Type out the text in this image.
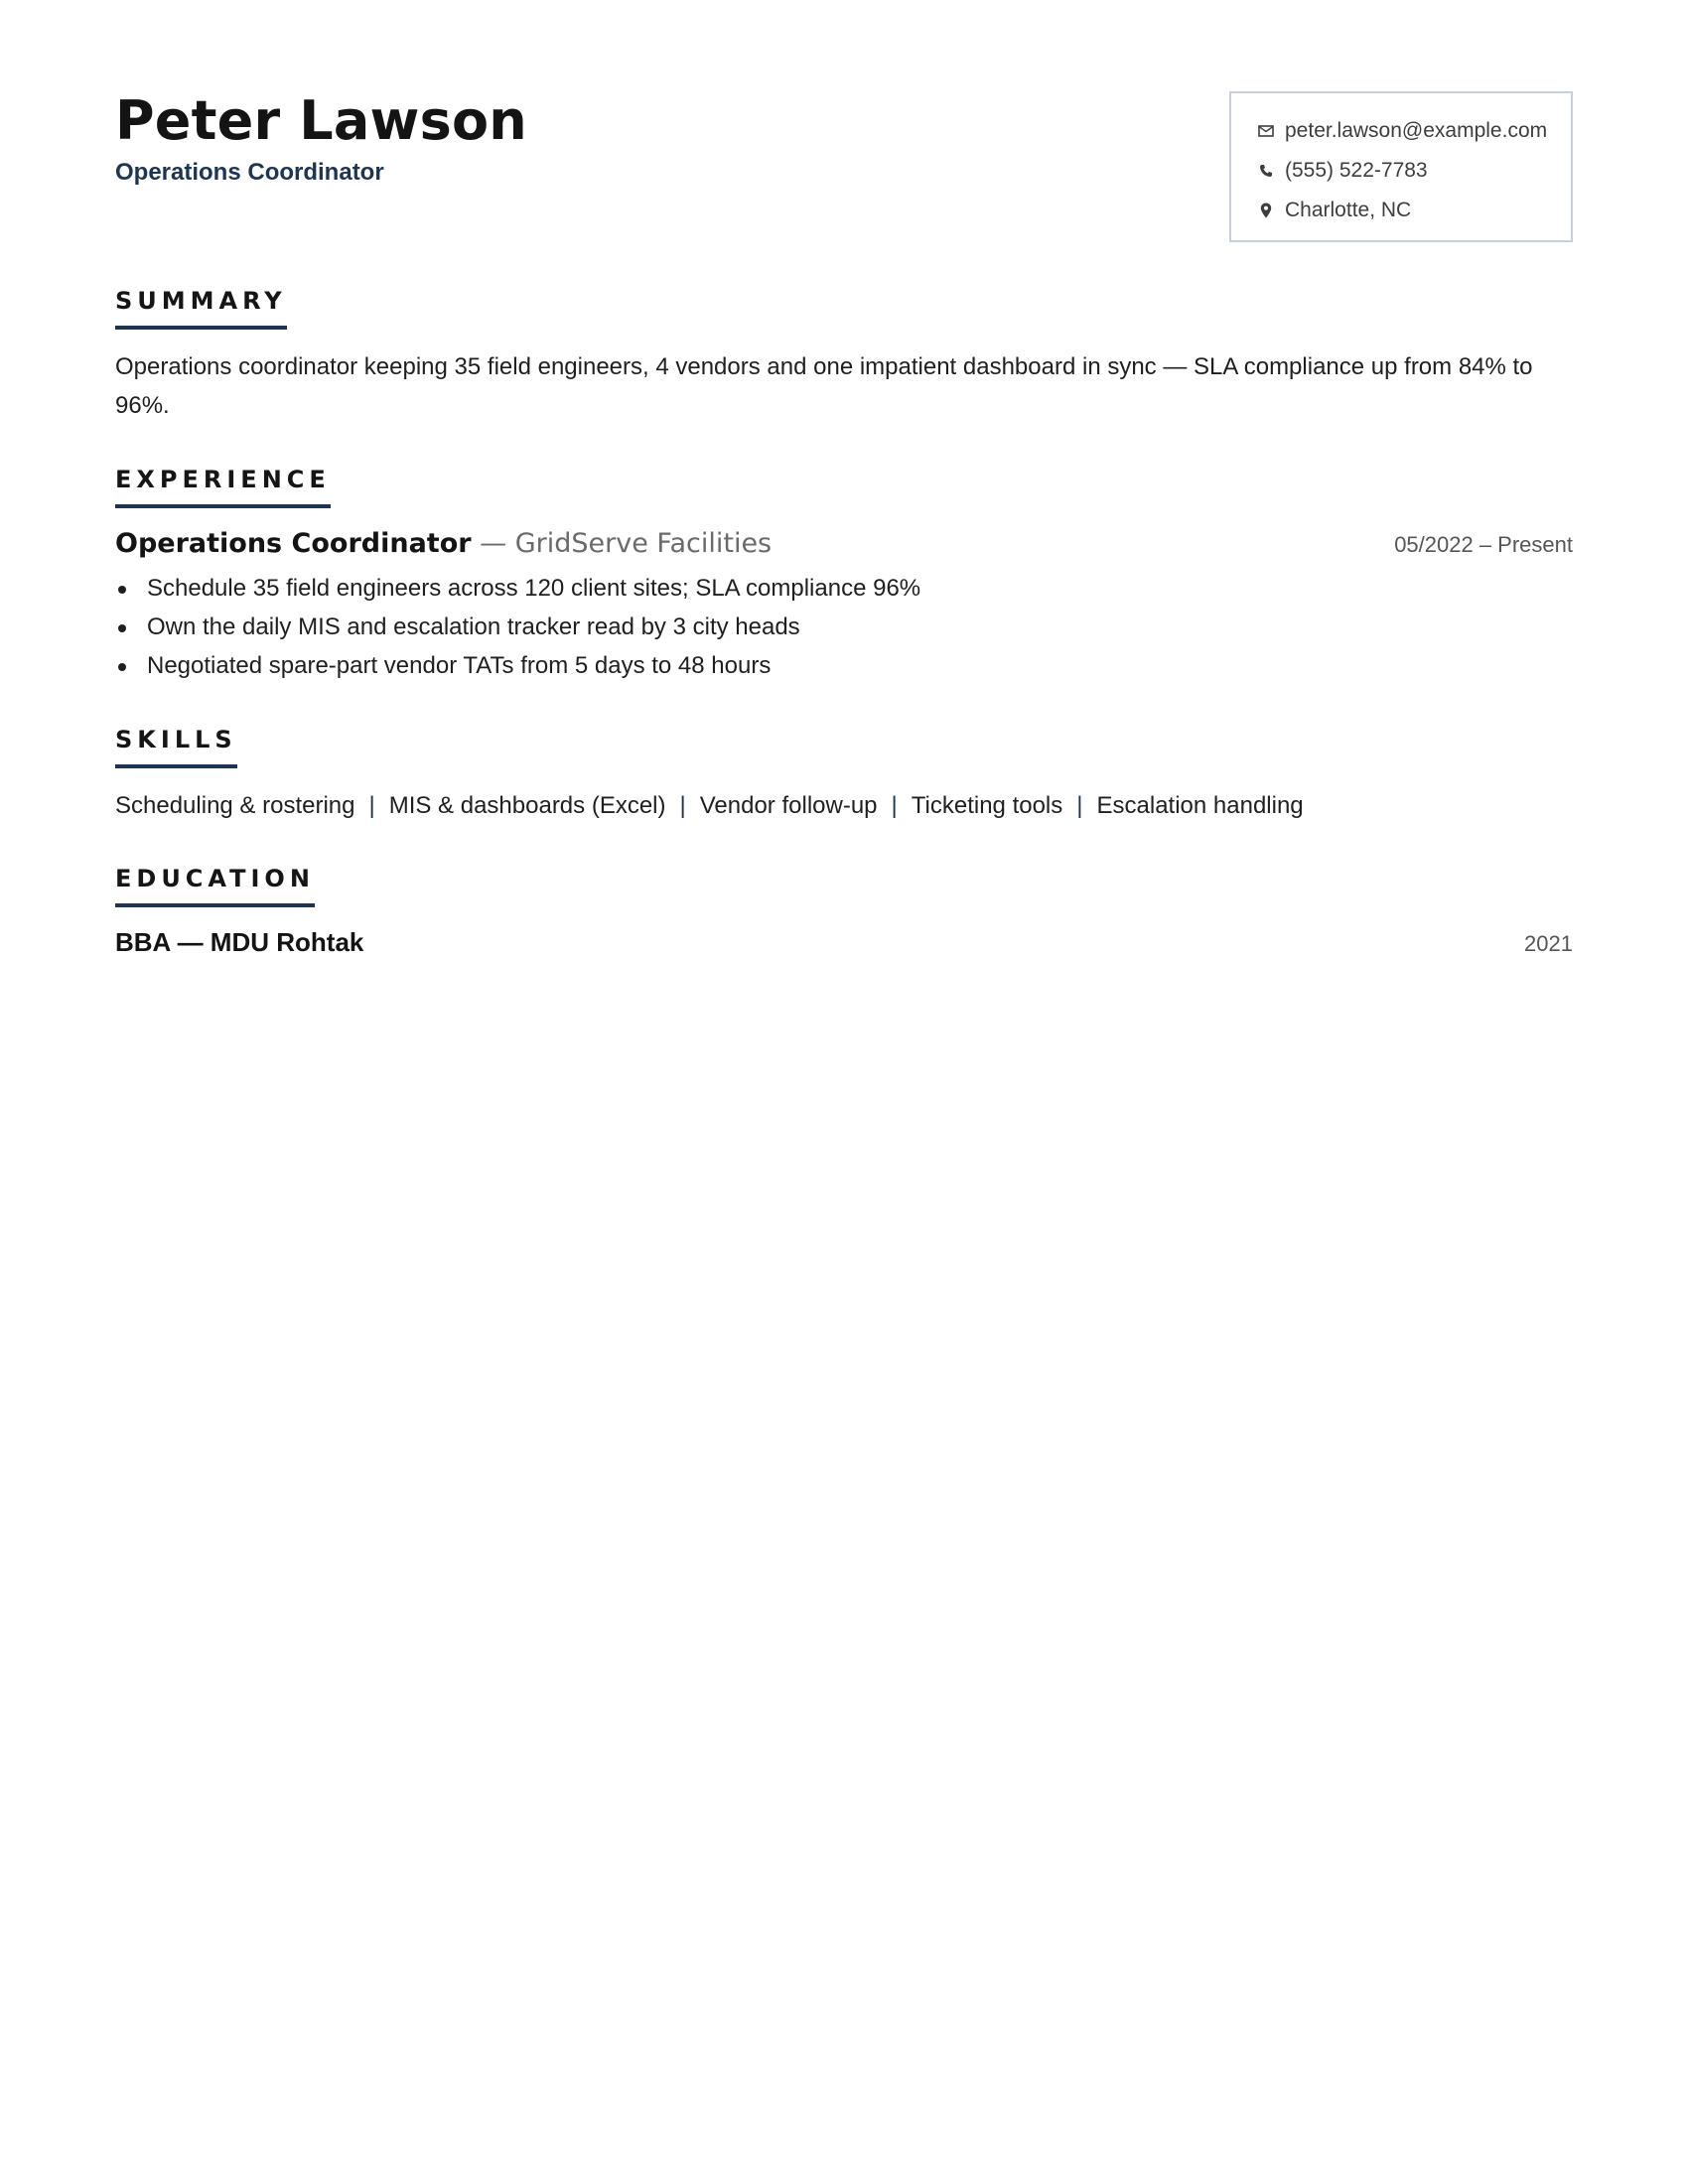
Peter Lawson
Operations Coordinator
peter.lawson@example.com
(555) 522-7783
Charlotte, NC
SUMMARY
Operations coordinator keeping 35 field engineers, 4 vendors and one impatient dashboard in sync — SLA compliance up from 84% to 96%.
EXPERIENCE
Operations Coordinator — GridServe Facilities	05/2022 – Present
Schedule 35 field engineers across 120 client sites; SLA compliance 96%
Own the daily MIS and escalation tracker read by 3 city heads
Negotiated spare-part vendor TATs from 5 days to 48 hours
SKILLS
Scheduling & rostering | MIS & dashboards (Excel) | Vendor follow-up | Ticketing tools | Escalation handling
EDUCATION
BBA — MDU Rohtak	2021
